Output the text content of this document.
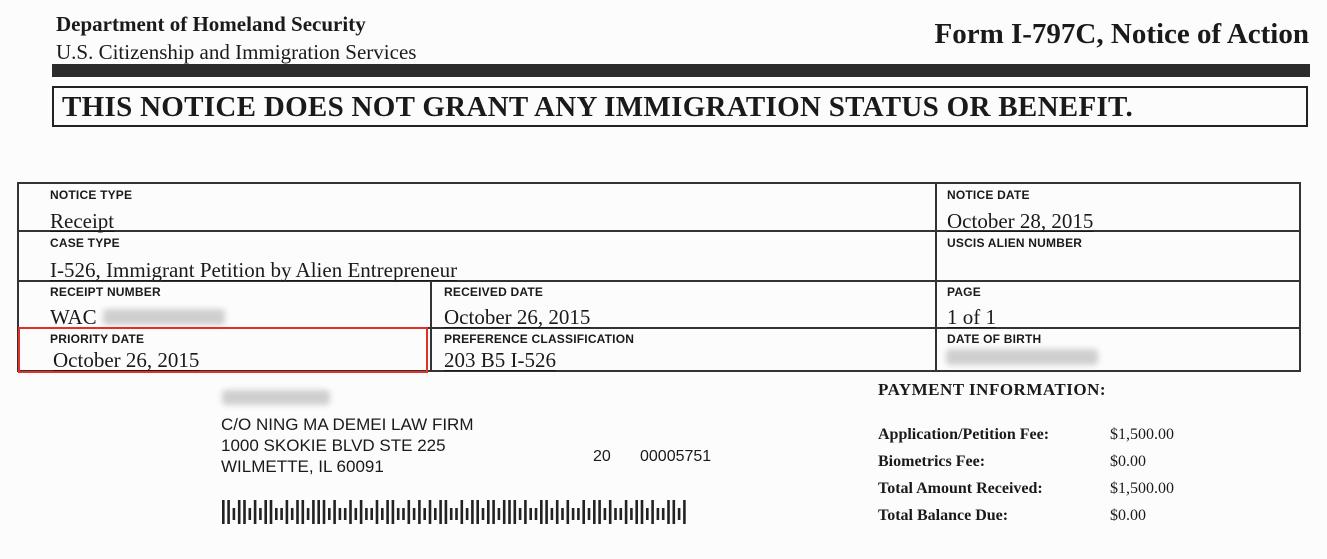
Department of Homeland Security
U.S. Citizenship and Immigration Services
Form I-797C, Notice of Action
THIS NOTICE DOES NOT GRANT ANY IMMIGRATION STATUS OR BENEFIT.
NOTICE TYPE
Receipt
NOTICE DATE
October 28, 2015
CASE TYPE
I-526, Immigrant Petition by Alien Entrepreneur
USCIS ALIEN NUMBER
RECEIPT NUMBER
WAC
RECEIVED DATE
October 26, 2015
PAGE
1 of 1
PRIORITY DATE
October 26, 2015
PREFERENCE CLASSIFICATION
203 B5 I-526
DATE OF BIRTH
C/O NING MA DEMEI LAW FIRM
1000 SKOKIE BLVD STE 225
WILMETTE, IL 60091
20 00005751
PAYMENT INFORMATION:
Application/Petition Fee:	$1,500.00
Biometrics Fee:	$0.00
Total Amount Received:	$1,500.00
Total Balance Due:	$0.00
